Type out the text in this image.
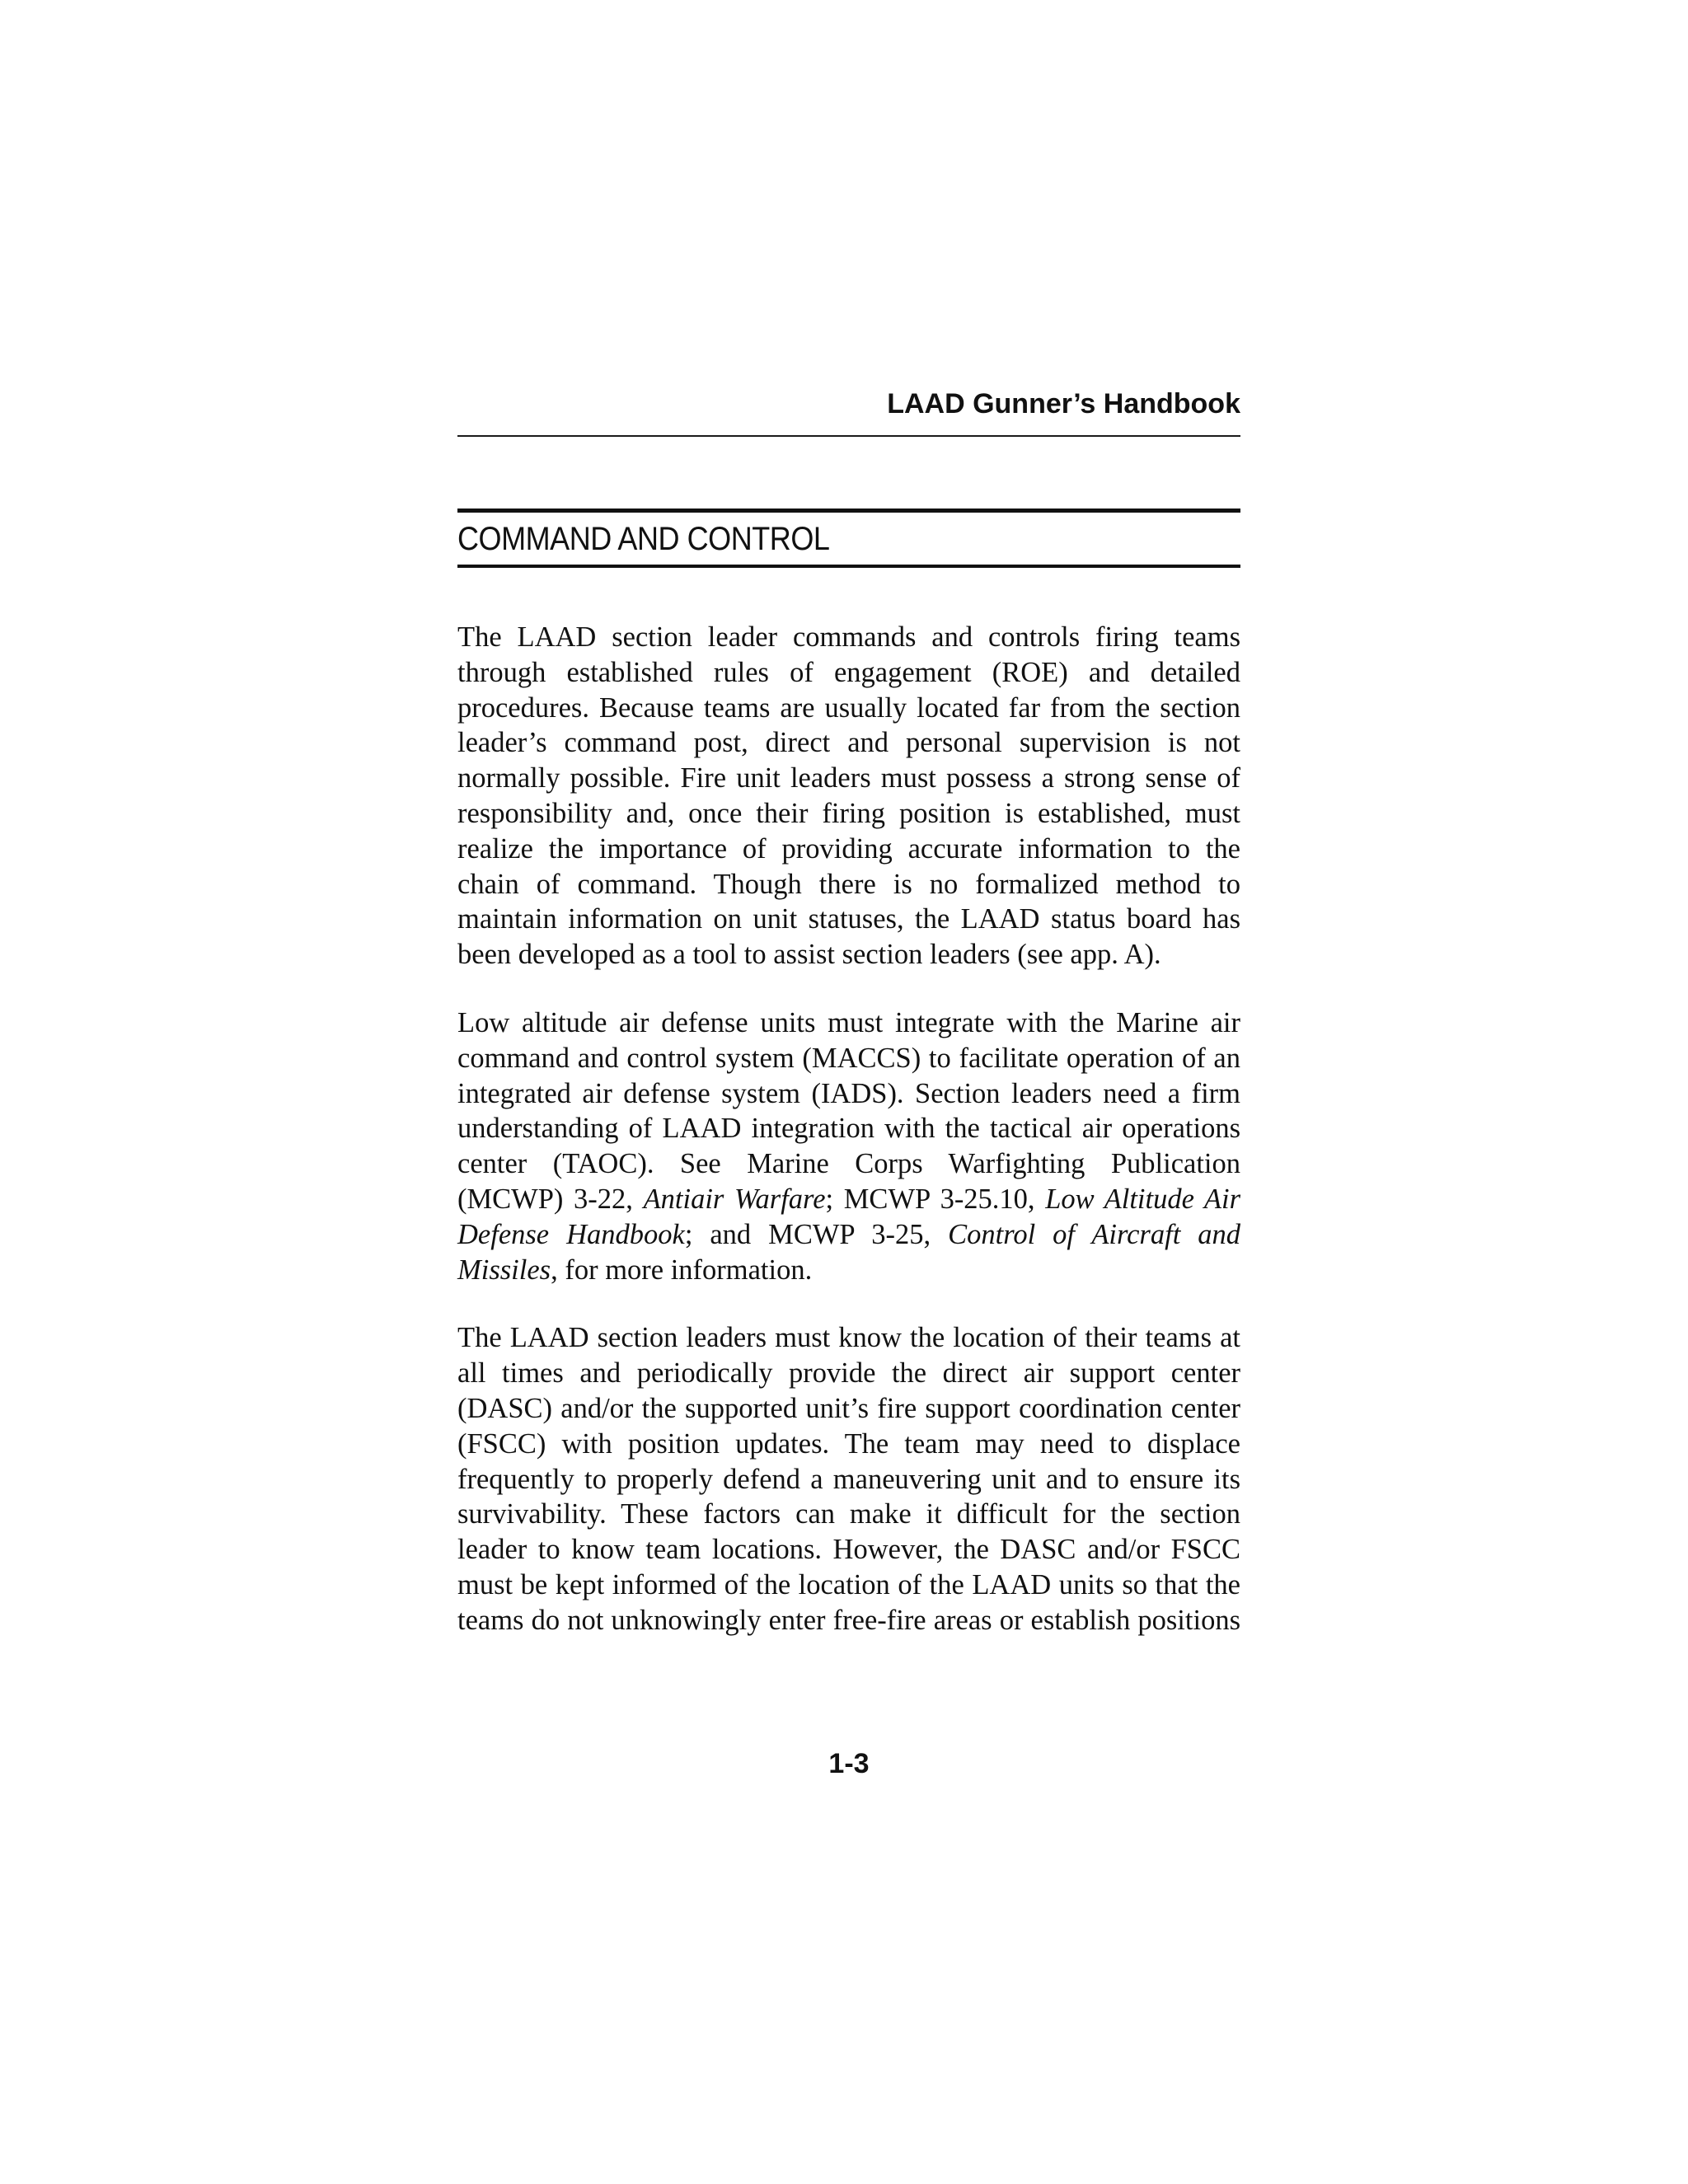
LAAD Gunner’s Handbook
COMMAND AND CONTROL

The LAAD section leader commands and controls firing teams through established rules of engagement (ROE) and detailed procedures. Because teams are usually located far from the section leader’s command post, direct and personal supervision is not normally possible. Fire unit leaders must possess a strong sense of responsibility and, once their firing position is established, must realize the importance of providing accurate information to the chain of command. Though there is no formalized method to maintain information on unit statuses, the LAAD status board has been developed as a tool to assist section leaders (see app. A).

Low altitude air defense units must integrate with the Marine air command and control system (MACCS) to facilitate operation of an integrated air defense system (IADS). Section leaders need a firm understanding of LAAD integration with the tactical air operations center (TAOC). See Marine Corps Warfighting Publication (MCWP) 3-22, Antiair Warfare; MCWP 3-25.10, Low Altitude Air Defense Handbook; and MCWP 3-25, Control of Aircraft and Missiles, for more information.

The LAAD section leaders must know the location of their teams at all times and periodically provide the direct air support center (DASC) and/or the supported unit’s fire support coordination center (FSCC) with position updates. The team may need to displace frequently to properly defend a maneuvering unit and to ensure its survivability. These factors can make it difficult for the section leader to know team locations. However, the DASC and/or FSCC must be kept informed of the location of the LAAD units so that the teams do not unknowingly enter free-fire areas or establish positions

1-3
